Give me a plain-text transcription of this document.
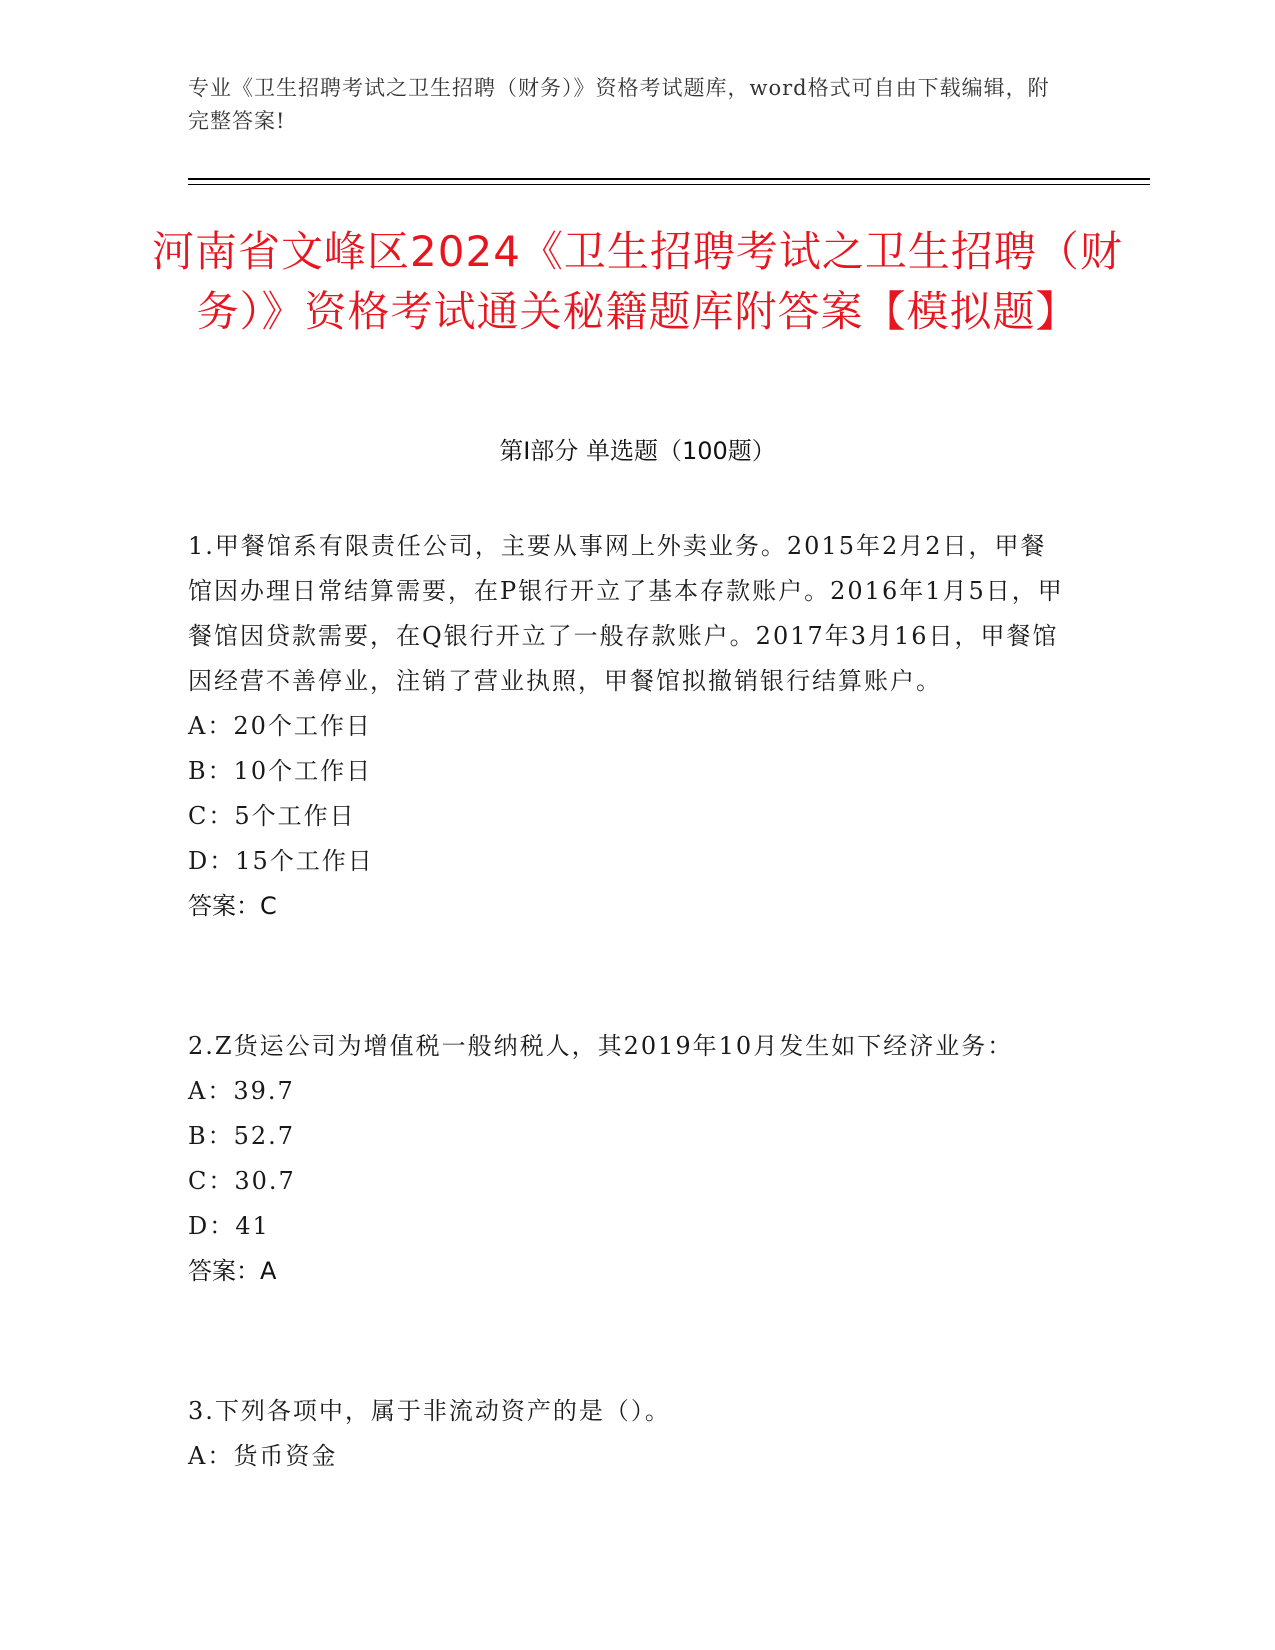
专业《卫生招聘考试之卫生招聘（财务）》资格考试题库，word格式可自由下载编辑，附完整答案!
河南省文峰区2024《卫生招聘考试之卫生招聘（财务）》资格考试通关秘籍题库附答案【模拟题】
第Ⅰ部分 单选题（100题）

1.甲餐馆系有限责任公司，主要从事网上外卖业务。2015年2月2日，甲餐馆因办理日常结算需要，在P银行开立了基本存款账户。2016年1月5日，甲餐馆因贷款需要，在Q银行开立了一般存款账户。2017年3月16日，甲餐馆因经营不善停业，注销了营业执照，甲餐馆拟撤销银行结算账户。

A：20个工作日
B：10个工作日
C：5个工作日
D：15个工作日
答案：C

2.Z货运公司为增值税一般纳税人，其2019年10月发生如下经济业务：

A：39.7
B：52.7
C：30.7
D：41
答案：A

3.下列各项中，属于非流动资产的是（）。

A：货币资金
